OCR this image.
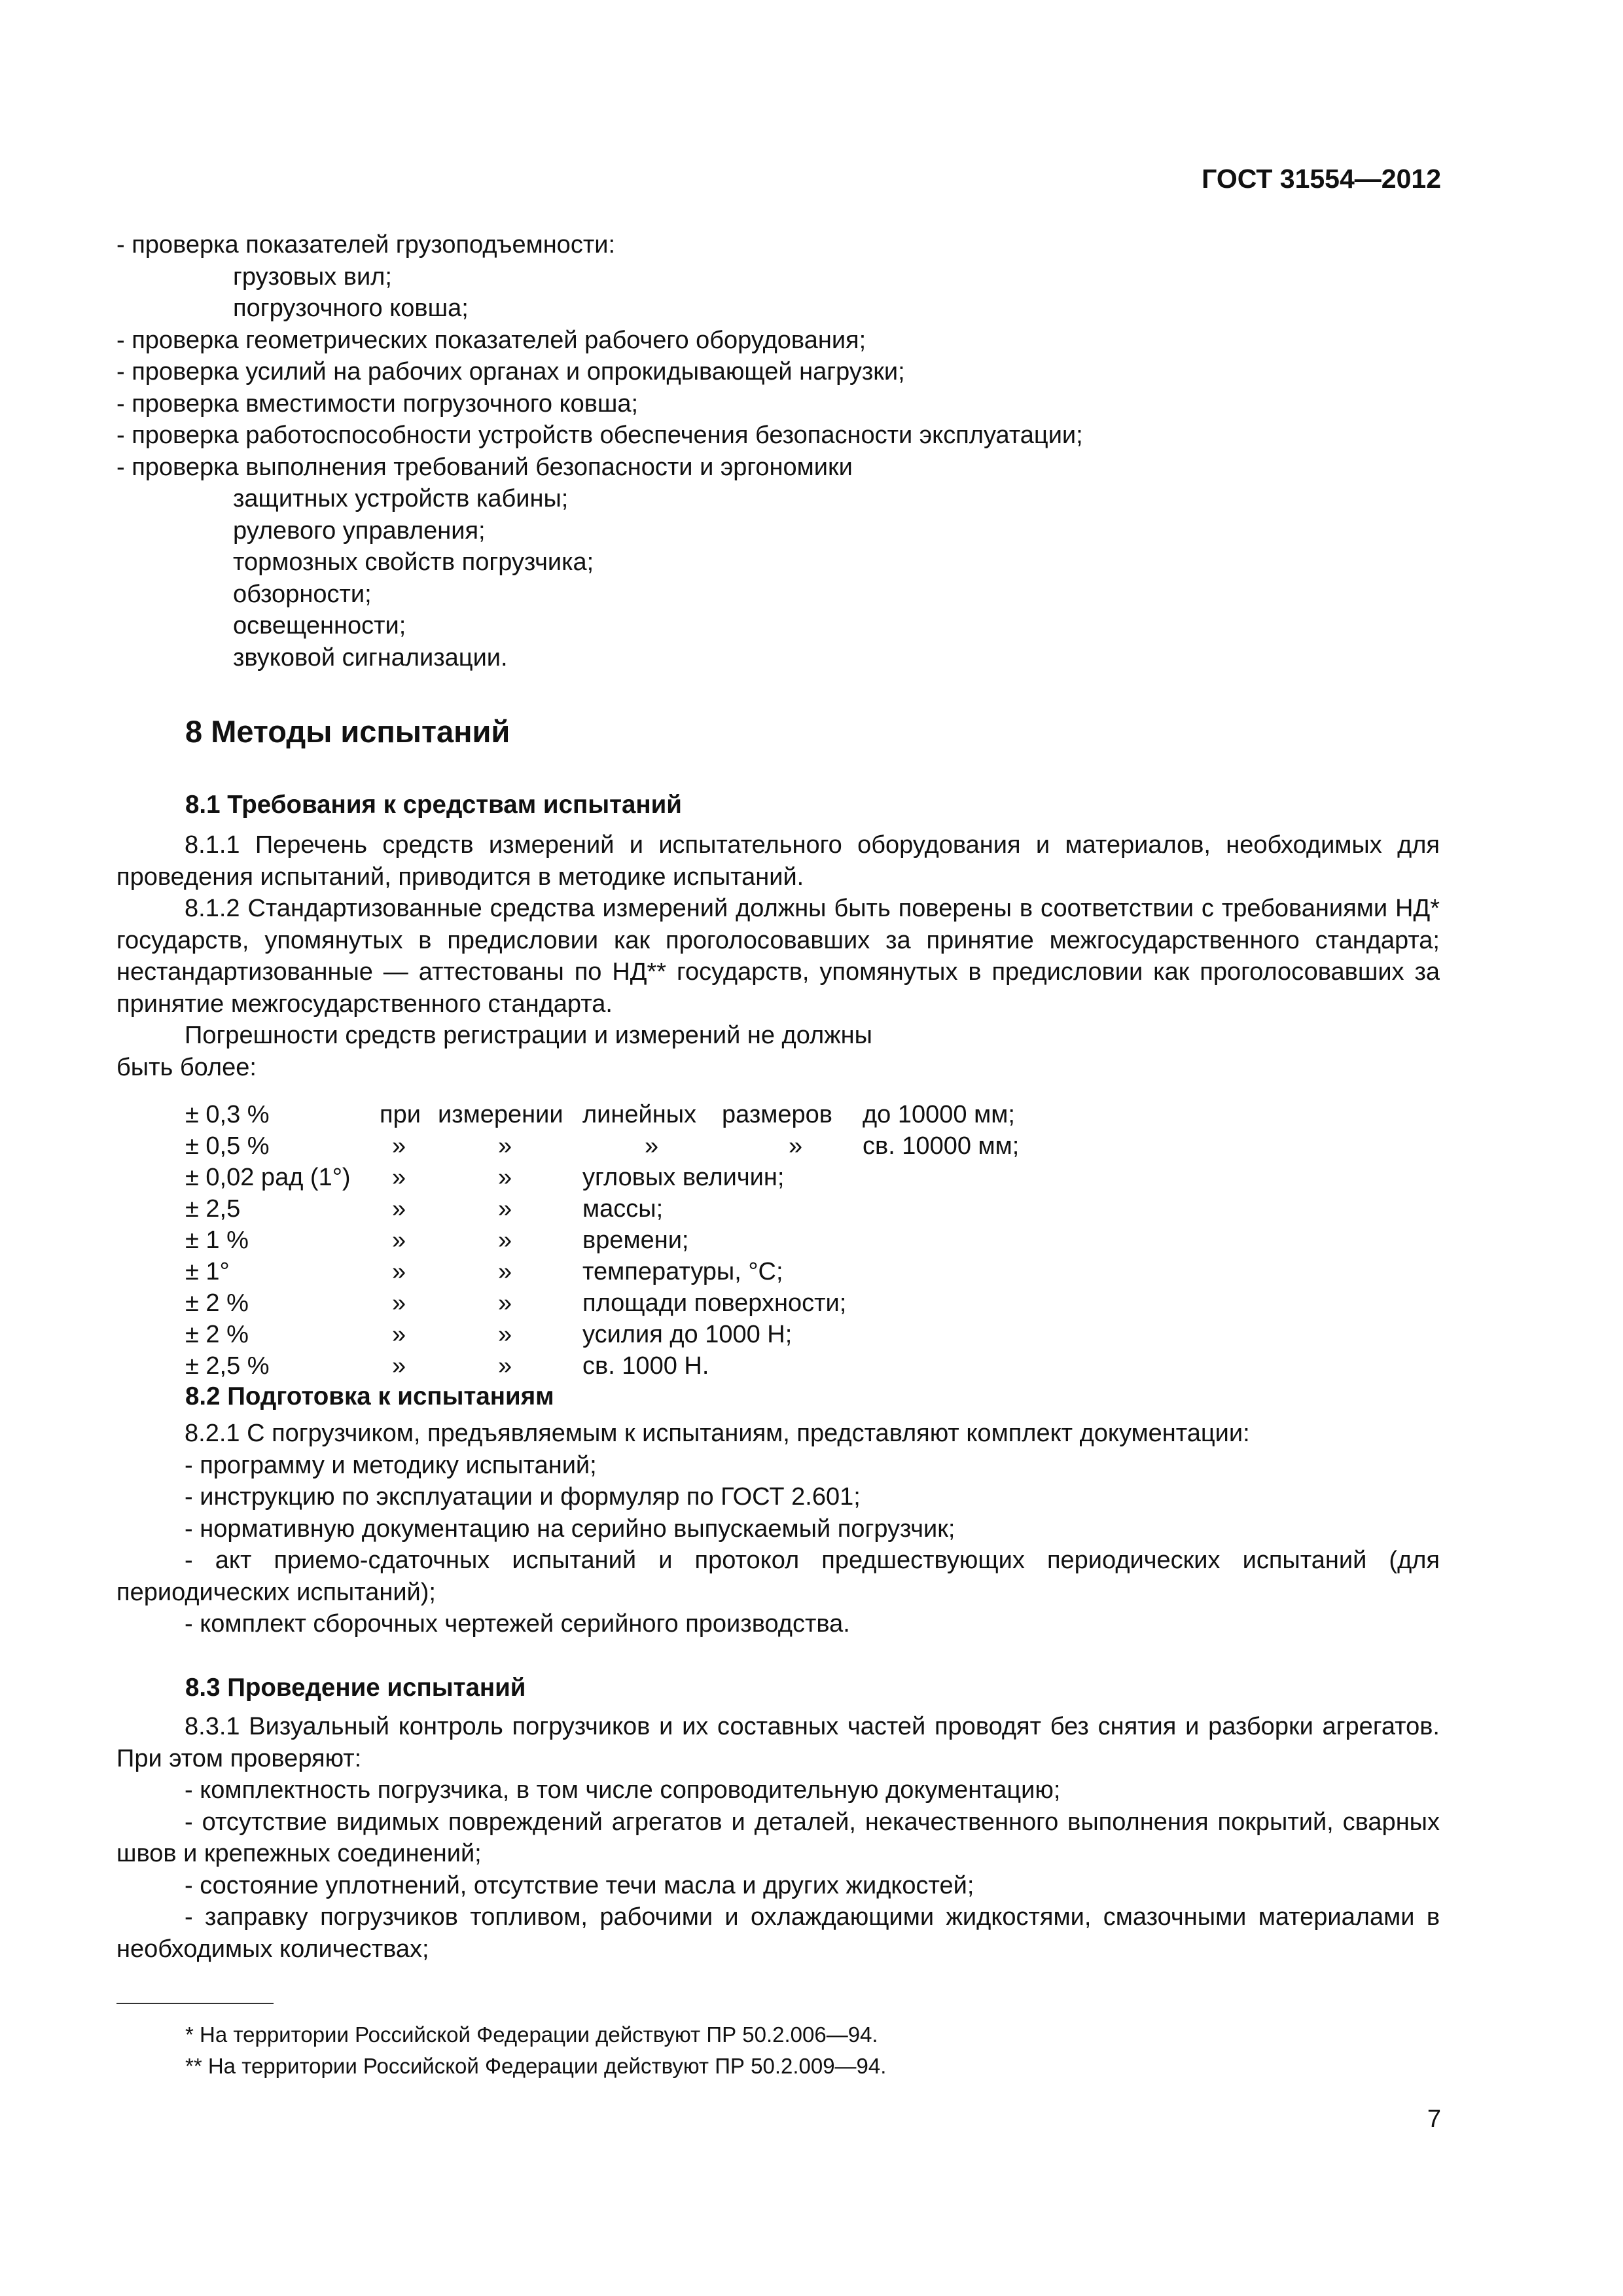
ГОСТ 31554—2012
- проверка показателей грузоподъемности:
грузовых вил;
погрузочного ковша;
- проверка геометрических показателей рабочего оборудования;
- проверка усилий на рабочих органах и опрокидывающей нагрузки;
- проверка вместимости погрузочного ковша;
- проверка работоспособности устройств обеспечения безопасности эксплуатации;
- проверка выполнения требований безопасности и эргономики
защитных устройств кабины;
рулевого управления;
тормозных свойств погрузчика;
обзорности;
освещенности;
звуковой сигнализации.
8 Методы испытаний
8.1 Требования к средствам испытаний

8.1.1 Перечень средств измерений и испытательного оборудования и материалов, необходимых для проведения испытаний, приводится в методике испытаний.

8.1.2 Стандартизованные средства измерений должны быть поверены в соответствии с требованиями НД* государств, упомянутых в предисловии как проголосовавших за принятие межгосударственного стандарта; нестандартизованные — аттестованы по НД** государств, упомянутых в предисловии как проголосовавших за принятие межгосударственного стандарта.

Погрешности средств регистрации и измерений не должны

быть более:

± 0,3 %	при измерении линейных размеров до 10000 мм;
± 0,5 %	»	»	»	» св. 10000 мм;
± 0,02 рад (1°) »	»	угловых величин;
± 2,5	»	»	массы;
± 1 %	»	»	времени;
± 1°	»	»	температуры, °С;
± 2 %	»	»	площади поверхности;
± 2 %	»	»	усилия до 1000 Н;
± 2,5 %	»	»	св. 1000 Н.
8.2 Подготовка к испытаниям

8.2.1 С погрузчиком, предъявляемым к испытаниям, представляют комплект документации:

- программу и методику испытаний;

- инструкцию по эксплуатации и формуляр по ГОСТ 2.601;

- нормативную документацию на серийно выпускаемый погрузчик;

- акт приемо-сдаточных испытаний и протокол предшествующих периодических испытаний (для периодических испытаний);

- комплект сборочных чертежей серийного производства.

8.3 Проведение испытаний

8.3.1 Визуальный контроль погрузчиков и их составных частей проводят без снятия и разборки агрегатов. При этом проверяют:

- комплектность погрузчика, в том числе сопроводительную документацию;

- отсутствие видимых повреждений агрегатов и деталей, некачественного выполнения покрытий, сварных швов и крепежных соединений;

- состояние уплотнений, отсутствие течи масла и других жидкостей;

- заправку погрузчиков топливом, рабочими и охлаждающими жидкостями, смазочными материалами в необходимых количествах;

* На территории Российской Федерации действуют ПР 50.2.006—94.
** На территории Российской Федерации действуют ПР 50.2.009—94.
7
